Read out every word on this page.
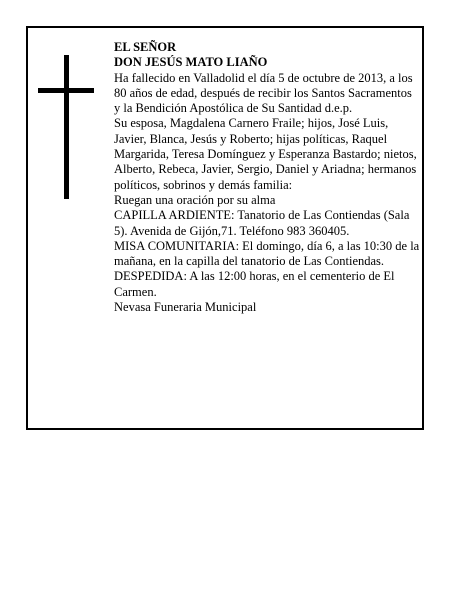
EL SEÑOR

DON JESÚS MATO LIAÑO

Ha fallecido en Valladolid el día 5 de octubre de 2013, a los 80 años de edad, después de recibir los Santos Sacramentos y la Bendición Apostólica de Su Santidad d.e.p.

Su esposa, Magdalena Carnero Fraile; hijos, José Luis, Javier, Blanca, Jesús y Roberto; hijas políticas, Raquel Margarida, Teresa Domínguez y Esperanza Bastardo; nietos, Alberto, Rebeca, Javier, Sergio, Daniel y Ariadna; hermanos políticos, sobrinos y demás familia:

Ruegan una oración por su alma

CAPILLA ARDIENTE: Tanatorio de Las Contiendas (Sala 5). Avenida de Gijón,71. Teléfono 983 360405.

MISA COMUNITARIA: El domingo, día 6, a las 10:30 de la mañana, en la capilla del tanatorio de Las Contiendas.

DESPEDIDA: A las 12:00 horas, en el cementerio de El Carmen.

Nevasa Funeraria Municipal
